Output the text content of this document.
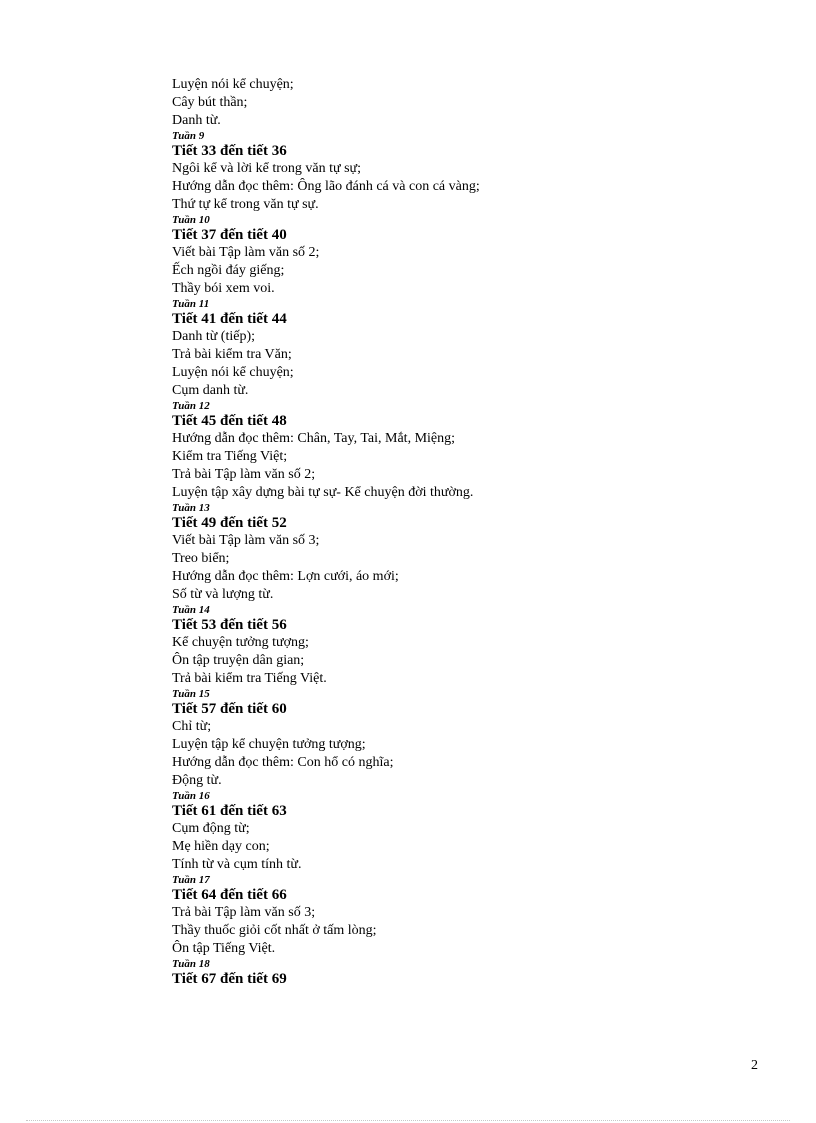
Luyện nói kể chuyện;

Cây bút thần;

Danh từ.

Tuần 9

Tiết 33 đến tiết 36

Ngôi kể và lời kể trong văn tự sự;

Hướng dẫn đọc thêm: Ông lão đánh cá và con cá vàng;

Thứ tự kể trong văn tự sự.

Tuần 10

Tiết 37 đến tiết 40

Viết bài Tập làm văn số 2;

Ếch ngồi đáy giếng;

Thầy bói xem voi.

Tuần 11

Tiết 41 đến tiết 44

Danh từ (tiếp);

Trả bài kiểm tra Văn;

Luyện nói kể chuyện;

Cụm danh từ.

Tuần 12

Tiết 45 đến tiết 48

Hướng dẫn đọc thêm: Chân, Tay, Tai, Mắt, Miệng;

Kiểm tra Tiếng Việt;

Trả bài Tập làm văn số 2;

Luyện tập xây dựng bài tự sự- Kể chuyện đời thường.

Tuần 13

Tiết 49 đến tiết 52

Viết bài Tập làm văn số 3;

Treo biển;

Hướng dẫn đọc thêm: Lợn cưới, áo mới;

Số từ và lượng từ.

Tuần 14

Tiết 53 đến tiết 56

Kể chuyện tưởng tượng;

Ôn tập truyện dân gian;

Trả bài kiểm tra Tiếng Việt.

Tuần 15

Tiết 57 đến tiết 60

Chỉ từ;

Luyện tập kể chuyện tưởng tượng;

Hướng dẫn đọc thêm: Con hổ có nghĩa;

Động từ.

Tuần 16

Tiết 61 đến tiết 63

Cụm động từ;

Mẹ hiền dạy con;

Tính từ và cụm tính từ.

Tuần 17

Tiết 64 đến tiết 66

Trả bài Tập làm văn số 3;

Thầy thuốc giỏi cốt nhất ở tấm lòng;

Ôn tập Tiếng Việt.

Tuần 18

Tiết 67 đến tiết 69

2
